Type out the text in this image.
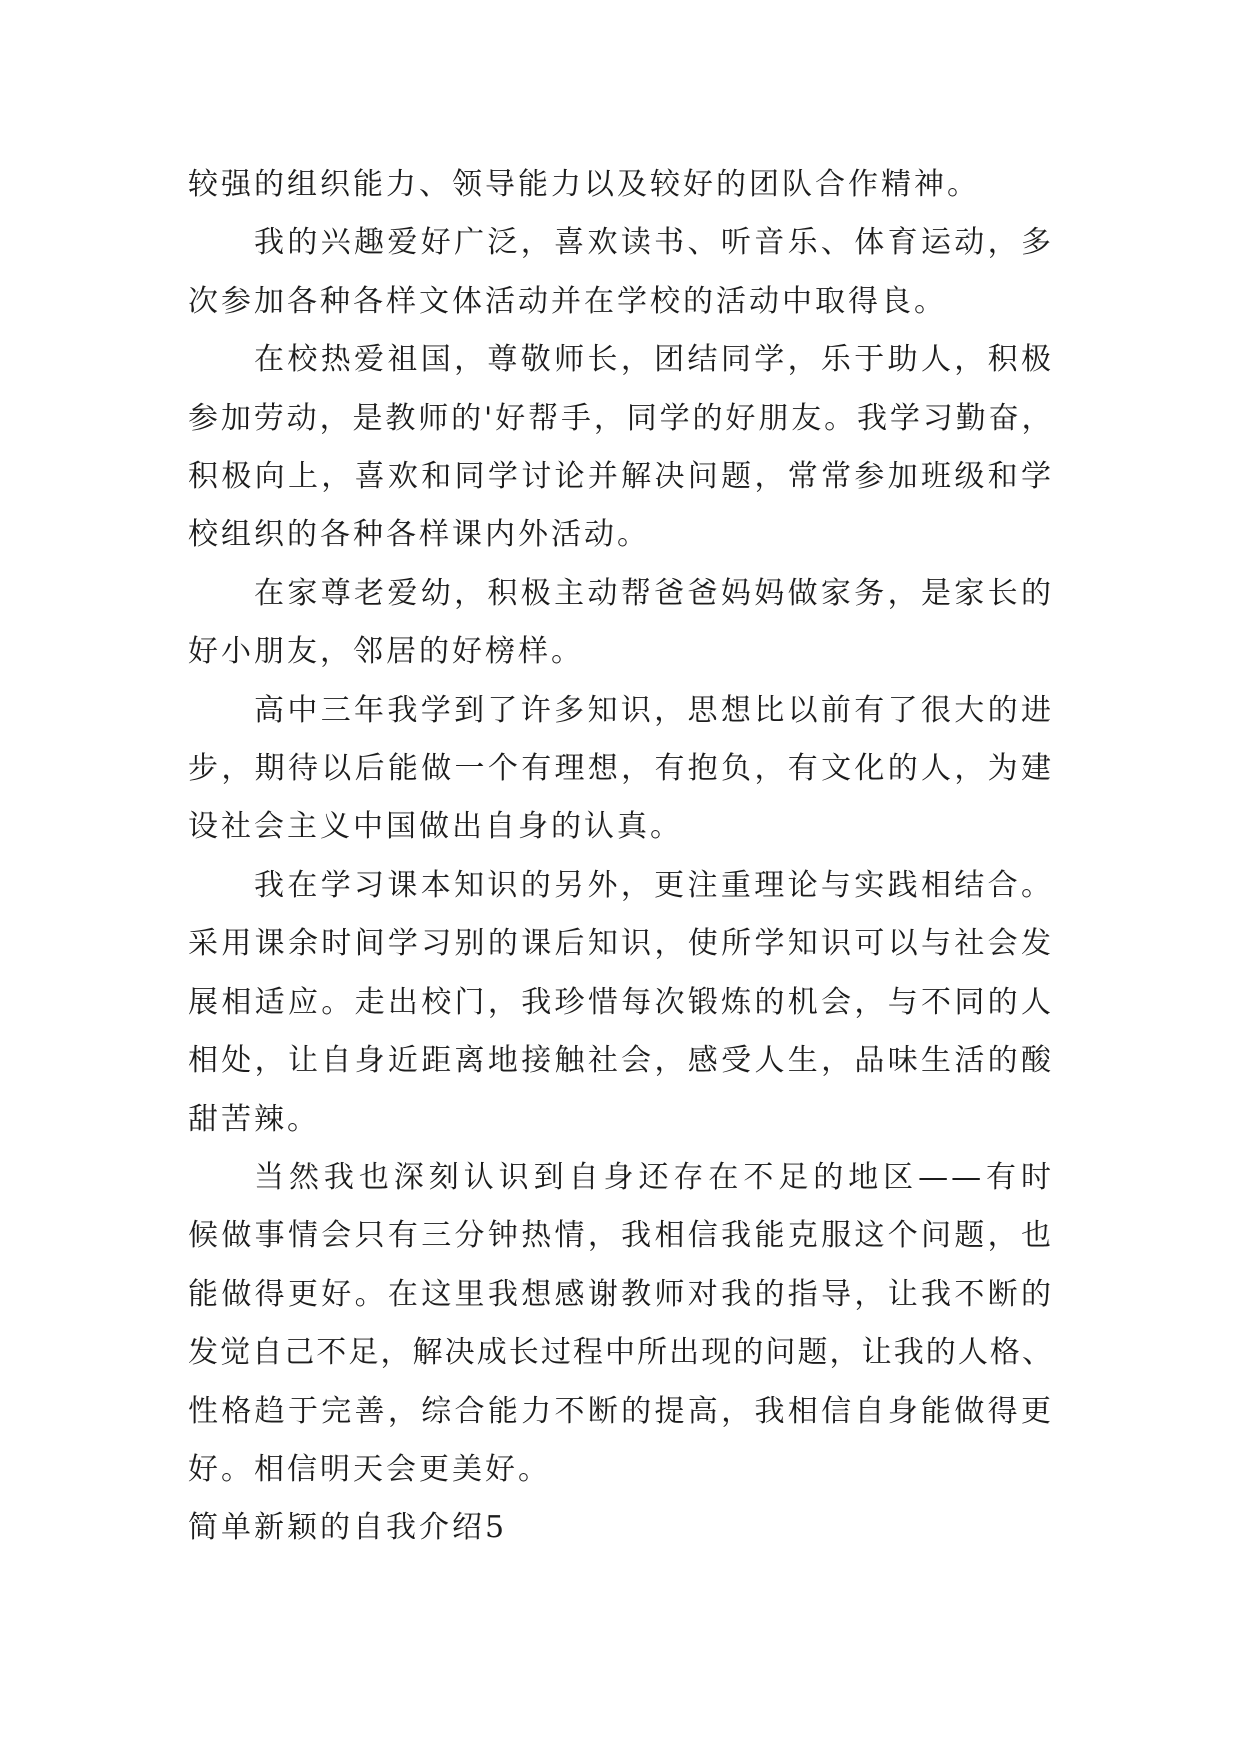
较强的组织能力、领导能力以及较好的团队合作精神。
我的兴趣爱好广泛，喜欢读书、听音乐、体育运动，多
次参加各种各样文体活动并在学校的活动中取得良。
在校热爱祖国，尊敬师长，团结同学，乐于助人，积极
参加劳动，是教师的'好帮手，同学的好朋友。我学习勤奋，
积极向上，喜欢和同学讨论并解决问题，常常参加班级和学
校组织的各种各样课内外活动。
在家尊老爱幼，积极主动帮爸爸妈妈做家务，是家长的
好小朋友，邻居的好榜样。
高中三年我学到了许多知识，思想比以前有了很大的进
步，期待以后能做一个有理想，有抱负，有文化的人，为建
设社会主义中国做出自身的认真。
我在学习课本知识的另外，更注重理论与实践相结合。
采用课余时间学习别的课后知识，使所学知识可以与社会发
展相适应。走出校门，我珍惜每次锻炼的机会，与不同的人
相处，让自身近距离地接触社会，感受人生，品味生活的酸
甜苦辣。
当然我也深刻认识到自身还存在不足的地区——有时
候做事情会只有三分钟热情，我相信我能克服这个问题，也
能做得更好。在这里我想感谢教师对我的指导，让我不断的
发觉自己不足，解决成长过程中所出现的问题，让我的人格、
性格趋于完善，综合能力不断的提高，我相信自身能做得更
好。相信明天会更美好。
简单新颖的自我介绍5
